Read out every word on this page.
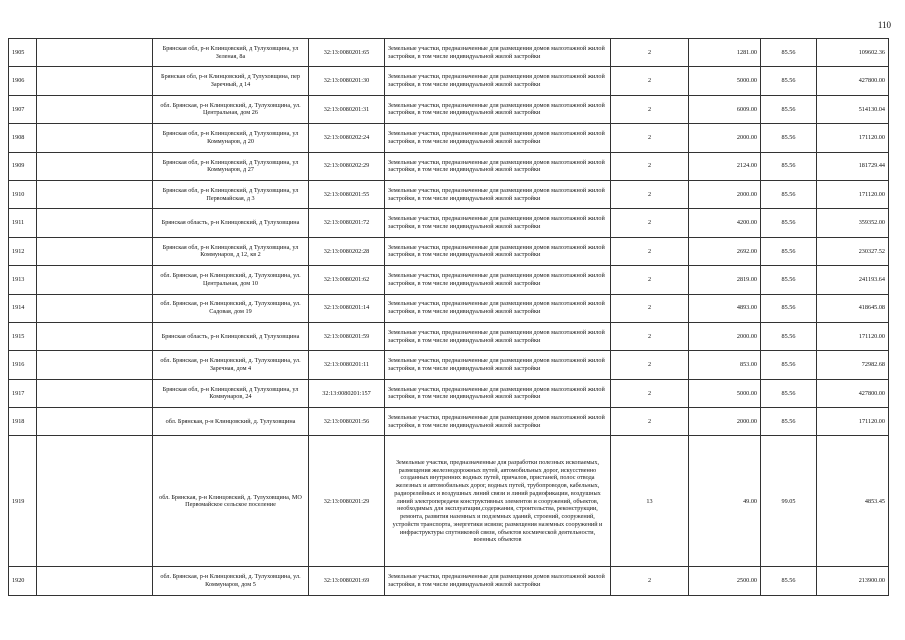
110
1905		Брянская обл, р-н Клинцовский, д Тулуховщина, ул Зеленая, 8а	32:13:0080201:65	Земельные участки, предназначенные для размещения домов малоэтажной жилой застройки, в том числе индивидуальной жилой застройки	2	1281.00	85.56	109602.36
1906		Брянская обл, р-н Клинцовский, д Тулуховщина, пер Заречный, д 14	32:13:0080201:30	Земельные участки, предназначенные для размещения домов малоэтажной жилой застройки, в том числе индивидуальной жилой застройки	2	5000.00	85.56	427800.00
1907		обл. Брянская, р-н Клинцовский, д. Тулуховщина, ул. Центральная, дом 26	32:13:0080201:31	Земельные участки, предназначенные для размещения домов малоэтажной жилой застройки, в том числе индивидуальной жилой застройки	2	6009.00	85.56	514130.04
1908		Брянская обл, р-н Клинцовский, д Тулуховщина, ул Коммунаров, д 20	32:13:0080202:24	Земельные участки, предназначенные для размещения домов малоэтажной жилой застройки, в том числе индивидуальной жилой застройки	2	2000.00	85.56	171120.00
1909		Брянская обл, р-н Клинцовский, д Тулуховщина, ул Коммунаров, д 27	32:13:0080202:29	Земельные участки, предназначенные для размещения домов малоэтажной жилой застройки, в том числе индивидуальной жилой застройки	2	2124.00	85.56	181729.44
1910		Брянская обл, р-н Клинцовский, д Тулуховщина, ул Первомайская, д 3	32:13:0080201:55	Земельные участки, предназначенные для размещения домов малоэтажной жилой застройки, в том числе индивидуальной жилой застройки	2	2000.00	85.56	171120.00
1911		Брянская область, р-н Клинцовский, д Тулуховщина	32:13:0080201:72	Земельные участки, предназначенные для размещения домов малоэтажной жилой застройки, в том числе индивидуальной жилой застройки	2	4200.00	85.56	359352.00
1912		Брянская обл, р-н Клинцовский, д Тулуховщина, ул Коммунаров, д 12, кв 2	32:13:0080202:28	Земельные участки, предназначенные для размещения домов малоэтажной жилой застройки, в том числе индивидуальной жилой застройки	2	2692.00	85.56	230327.52
1913		обл. Брянская, р-н Клинцовский, д. Тулуховщина, ул. Центральная, дом 10	32:13:0080201:62	Земельные участки, предназначенные для размещения домов малоэтажной жилой застройки, в том числе индивидуальной жилой застройки	2	2819.00	85.56	241193.64
1914		обл. Брянская, р-н Клинцовский, д. Тулуховщина, ул. Садовая, дом 19	32:13:0080201:14	Земельные участки, предназначенные для размещения домов малоэтажной жилой застройки, в том числе индивидуальной жилой застройки	2	4893.00	85.56	418645.08
1915		Брянская область, р-н Клинцовский, д Тулуховщина	32:13:0080201:59	Земельные участки, предназначенные для размещения домов малоэтажной жилой застройки, в том числе индивидуальной жилой застройки	2	2000.00	85.56	171120.00
1916		обл. Брянская, р-н Клинцовский, д. Тулуховщина, ул. Заречная, дом 4	32:13:0080201:11	Земельные участки, предназначенные для размещения домов малоэтажной жилой застройки, в том числе индивидуальной жилой застройки	2	853.00	85.56	72982.68
1917		Брянская обл, р-н Клинцовский, д Тулуховщина, ул Коммунаров, 24	32:13:0080201:157	Земельные участки, предназначенные для размещения домов малоэтажной жилой застройки, в том числе индивидуальной жилой застройки	2	5000.00	85.56	427800.00
1918		обл. Брянская, р-н Клинцовский, д. Тулуховщина	32:13:0080201:56	Земельные участки, предназначенные для размещения домов малоэтажной жилой застройки, в том числе индивидуальной жилой застройки	2	2000.00	85.56	171120.00
1919		обл. Брянская, р-н Клинцовский, д. Тулуховщина, МО Первомайское сельское поселение	32:13:0080201:29	Земельные участки, предназначенные для разработки полезных ископаемых, размещения железнодорожных путей, автомобильных дорог, искусственно созданных внутренних водных путей, причалов, пристаней, полос отвода железных и автомобильных дорог, водных путей, трубопроводов, кабельных, радиорелейных и воздушных линий связи и линий радиофикации, воздушных линий электропередачи конструктивных элементов и сооружений, объектов, необходимых для эксплуатации,содержания, строительства, реконструкции, ремонта, развития наземных и подземных зданий, строений, сооружений, устройств транспорта, энергетики исвязи; размещения наземных сооружений и инфраструктуры спутниковой связи, объектов космической деятельности, военных объектов	13	49.00	99.05	4853.45
1920		обл. Брянская, р-н Клинцовский, д. Тулуховщина, ул. Коммунаров, дом 5	32:13:0080201:69	Земельные участки, предназначенные для размещения домов малоэтажной жилой застройки, в том числе индивидуальной жилой застройки	2	2500.00	85.56	213900.00
